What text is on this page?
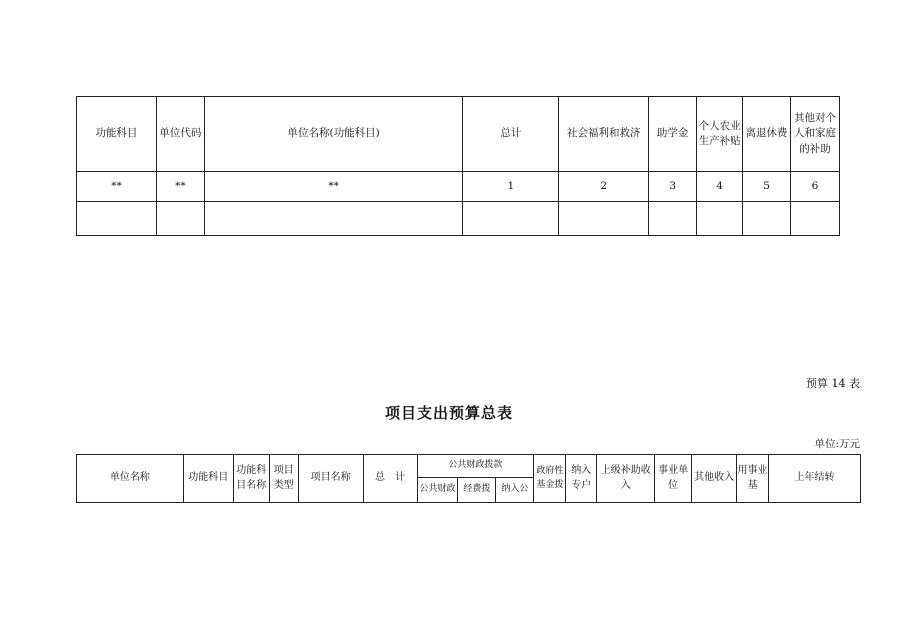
功能科目	单位代码	单位名称(功能科目)	总计	社会福利和救济	助学金	个人农业生产补贴	离退休费	其他对个人和家庭的补助
**	**	**	1	2	3	4	5	6

预算 14 表
项目支出预算总表
单位:万元
单位名称	功能科目	功能科目名称	项目类型	项目名称	总　计	公共财政拨款			政府性基金拨	纳入专户	上级补助收入	事业单位	其他收入	用事业基	上年结转
						公共财政	经费拨	纳入公							
